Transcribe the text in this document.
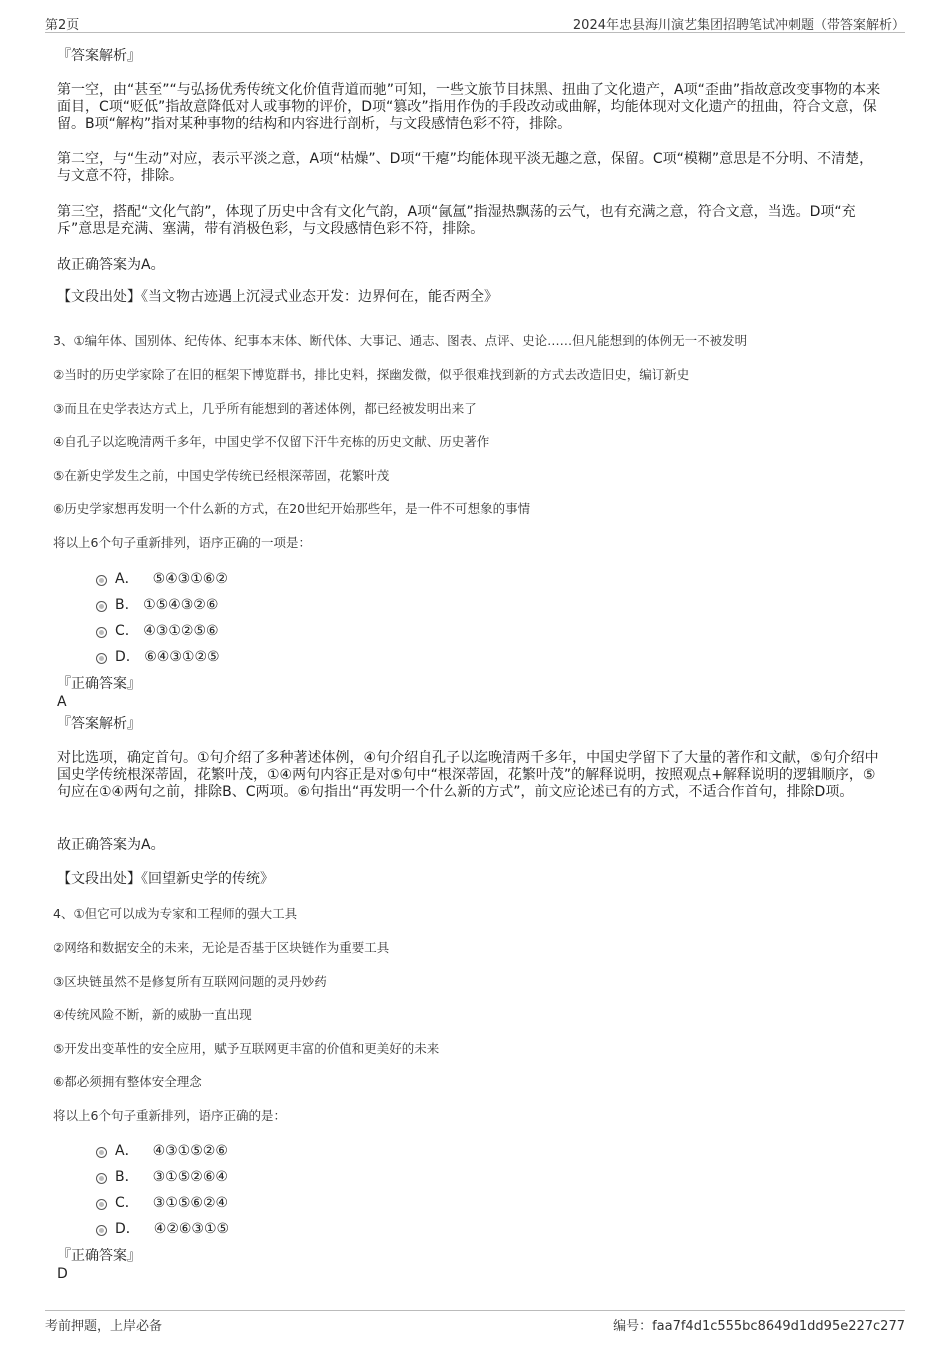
第2页	2024年忠县海川演艺集团招聘笔试冲刺题（带答案解析）
『答案解析』
第一空，由“甚至”“与弘扬优秀传统文化价值背道而驰”可知，一些文旅节目抹黑、扭曲了文化遗产，A项“歪曲”指故意改变事物的本来面目，C项“贬低”指故意降低对人或事物的评价，D项“篡改”指用作伪的手段改动或曲解，均能体现对文化遗产的扭曲，符合文意，保留。B项“解构”指对某种事物的结构和内容进行剖析，与文段感情色彩不符，排除。
第二空，与“生动”对应，表示平淡之意，A项“枯燥”、D项“干瘪”均能体现平淡无趣之意，保留。C项“模糊”意思是不分明、不清楚，与文意不符，排除。
第三空，搭配“文化气韵”，体现了历史中含有文化气韵，A项“氤氲”指湿热飘荡的云气，也有充满之意，符合文意，当选。D项“充斥”意思是充满、塞满，带有消极色彩，与文段感情色彩不符，排除。
故正确答案为A。
【文段出处】《当文物古迹遇上沉浸式业态开发：边界何在，能否两全》
3、①编年体、国别体、纪传体、纪事本末体、断代体、大事记、通志、图表、点评、史论……但凡能想到的体例无一不被发明
②当时的历史学家除了在旧的框架下博览群书，排比史料，探幽发微，似乎很难找到新的方式去改造旧史，编订新史
③而且在史学表达方式上，几乎所有能想到的著述体例，都已经被发明出来了
④自孔子以迄晚清两千多年，中国史学不仅留下汗牛充栋的历史文献、历史著作
⑤在新史学发生之前，中国史学传统已经根深蒂固，花繁叶茂
⑥历史学家想再发明一个什么新的方式，在20世纪开始那些年，是一件不可想象的事情
将以上6个句子重新排列，语序正确的一项是：
A． ⑤④③①⑥②
B. ①⑤④③②⑥
C. ④③①②⑤⑥
D. ⑥④③①②⑤
『正确答案』
A
『答案解析』
对比选项，确定首句。①句介绍了多种著述体例，④句介绍自孔子以迄晚清两千多年，中国史学留下了大量的著作和文献，⑤句介绍中国史学传统根深蒂固，花繁叶茂，①④两句内容正是对⑤句中“根深蒂固，花繁叶茂”的解释说明，按照观点+解释说明的逻辑顺序，⑤句应在①④两句之前，排除B、C两项。⑥句指出“再发明一个什么新的方式”，前文应论述已有的方式，不适合作首句，排除D项。
故正确答案为A。
【文段出处】《回望新史学的传统》
4、①但它可以成为专家和工程师的强大工具
②网络和数据安全的未来，无论是否基于区块链作为重要工具
③区块链虽然不是修复所有互联网问题的灵丹妙药
④传统风险不断，新的威胁一直出现
⑤开发出变革性的安全应用，赋予互联网更丰富的价值和更美好的未来
⑥都必须拥有整体安全理念
将以上6个句子重新排列，语序正确的是：
A． ④③①⑤②⑥
B． ③①⑤②⑥④
C． ③①⑤⑥②④
D． ④②⑥③①⑤
『正确答案』
D
考前押题，上岸必备	编号：faa7f4d1c555bc8649d1dd95e227c277
